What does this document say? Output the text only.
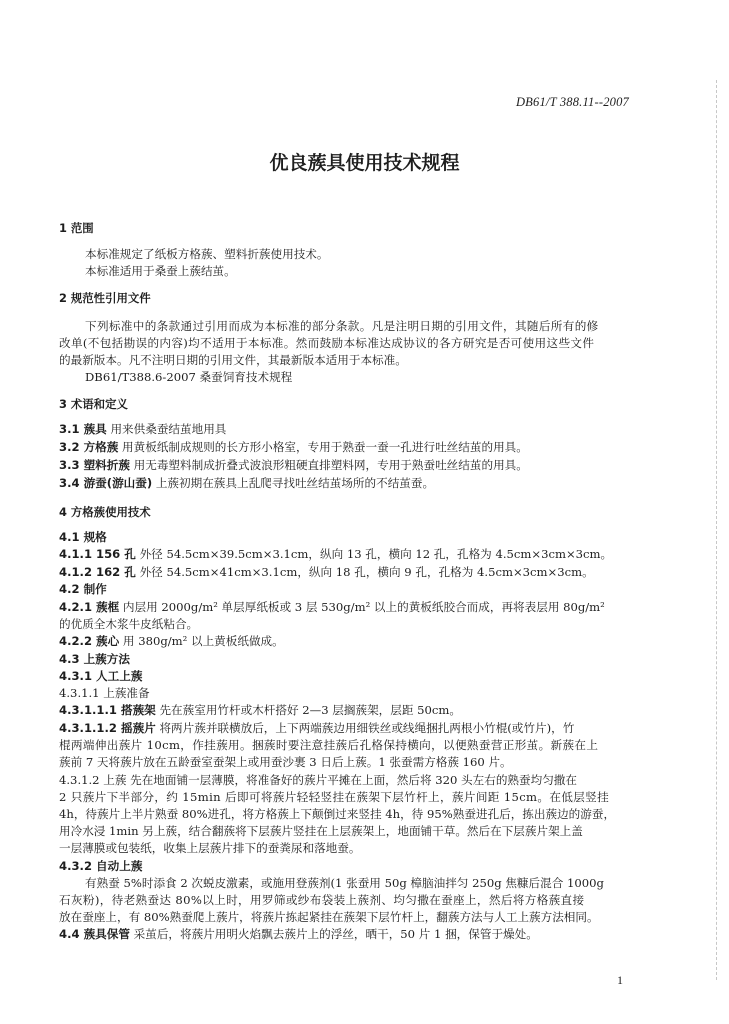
DB61/T 388.11--2007
优良蔟具使用技术规程
1 范围
本标准规定了纸板方格蔟、塑料折蔟使用技术。
本标准适用于桑蚕上蔟结茧。
2 规范性引用文件
下列标准中的条款通过引用而成为本标准的部分条款。凡是注明日期的引用文件，其随后所有的修
改单(不包括勘误的内容)均不适用于本标准。然而鼓励本标准达成协议的各方研究是否可使用这些文件
的最新版本。凡不注明日期的引用文件，其最新版本适用于本标准。
DB61/T388.6-2007 桑蚕饲育技术规程
3 术语和定义
3.1 蔟具 用来供桑蚕结茧地用具
3.2 方格蔟 用黄板纸制成规则的长方形小格室，专用于熟蚕一蚕一孔进行吐丝结茧的用具。
3.3 塑料折蔟 用无毒塑料制成折叠式波浪形粗硬直排塑料网，专用于熟蚕吐丝结茧的用具。
3.4 游蚕(游山蚕) 上蔟初期在蔟具上乱爬寻找吐丝结茧场所的不结茧蚕。
4 方格蔟使用技术
4.1 规格
4.1.1 156 孔 外径 54.5cm×39.5cm×3.1cm，纵向 13 孔，横向 12 孔，孔格为 4.5cm×3cm×3cm。
4.1.2 162 孔 外径 54.5cm×41cm×3.1cm，纵向 18 孔，横向 9 孔，孔格为 4.5cm×3cm×3cm。
4.2 制作
4.2.1 蔟框 内层用 2000g/m² 单层厚纸板或 3 层 530g/m² 以上的黄板纸胶合而成，再将表层用 80g/m²
的优质全木浆牛皮纸粘合。
4.2.2 蔟心 用 380g/m² 以上黄板纸做成。
4.3 上蔟方法
4.3.1 人工上蔟
4.3.1.1 上蔟准备
4.3.1.1.1 搭蔟架 先在蔟室用竹杆或木杆搭好 2—3 层搁蔟架，层距 50cm。
4.3.1.1.2 摇蔟片 将两片蔟并联横放后，上下两端蔟边用细铁丝或线绳捆扎两根小竹棍(或竹片)，竹
棍两端伸出蔟片 10cm，作挂蔟用。捆蔟时要注意挂蔟后孔格保持横向，以便熟蚕营正形茧。新蔟在上
蔟前 7 天将蔟片放在五龄蚕室蚕架上或用蚕沙裹 3 日后上蔟。1 张蚕需方格蔟 160 片。
4.3.1.2 上蔟 先在地面铺一层薄膜，将准备好的蔟片平摊在上面，然后将 320 头左右的熟蚕均匀撒在
2 只蔟片下半部分，约 15min 后即可将蔟片轻轻竖挂在蔟架下层竹杆上，蔟片间距 15cm。在低层竖挂
4h，待蔟片上半片熟蚕 80%进孔，将方格蔟上下颠倒过来竖挂 4h，待 95%熟蚕进孔后，拣出蔟边的游蚕，
用冷水浸 1min 另上蔟，结合翻蔟将下层蔟片竖挂在上层蔟架上，地面铺干草。然后在下层蔟片架上盖
一层薄膜或包装纸，收集上层蔟片排下的蚕粪尿和落地蚕。
4.3.2 自动上蔟
有熟蚕 5%时添食 2 次蜕皮激素，或施用登蔟剂(1 张蚕用 50g 樟脑油拌匀 250g 焦糠后混合 1000g
石灰粉)，待老熟蚕达 80%以上时，用罗筛或纱布袋装上蔟剂、均匀撒在蚕座上，然后将方格蔟直接
放在蚕座上，有 80%熟蚕爬上蔟片，将蔟片拣起紧挂在蔟架下层竹杆上，翻蔟方法与人工上蔟方法相同。
4.4 蔟具保管 采茧后，将蔟片用明火焰飘去蔟片上的浮丝，晒干，50 片 1 捆，保管于燥处。
1
